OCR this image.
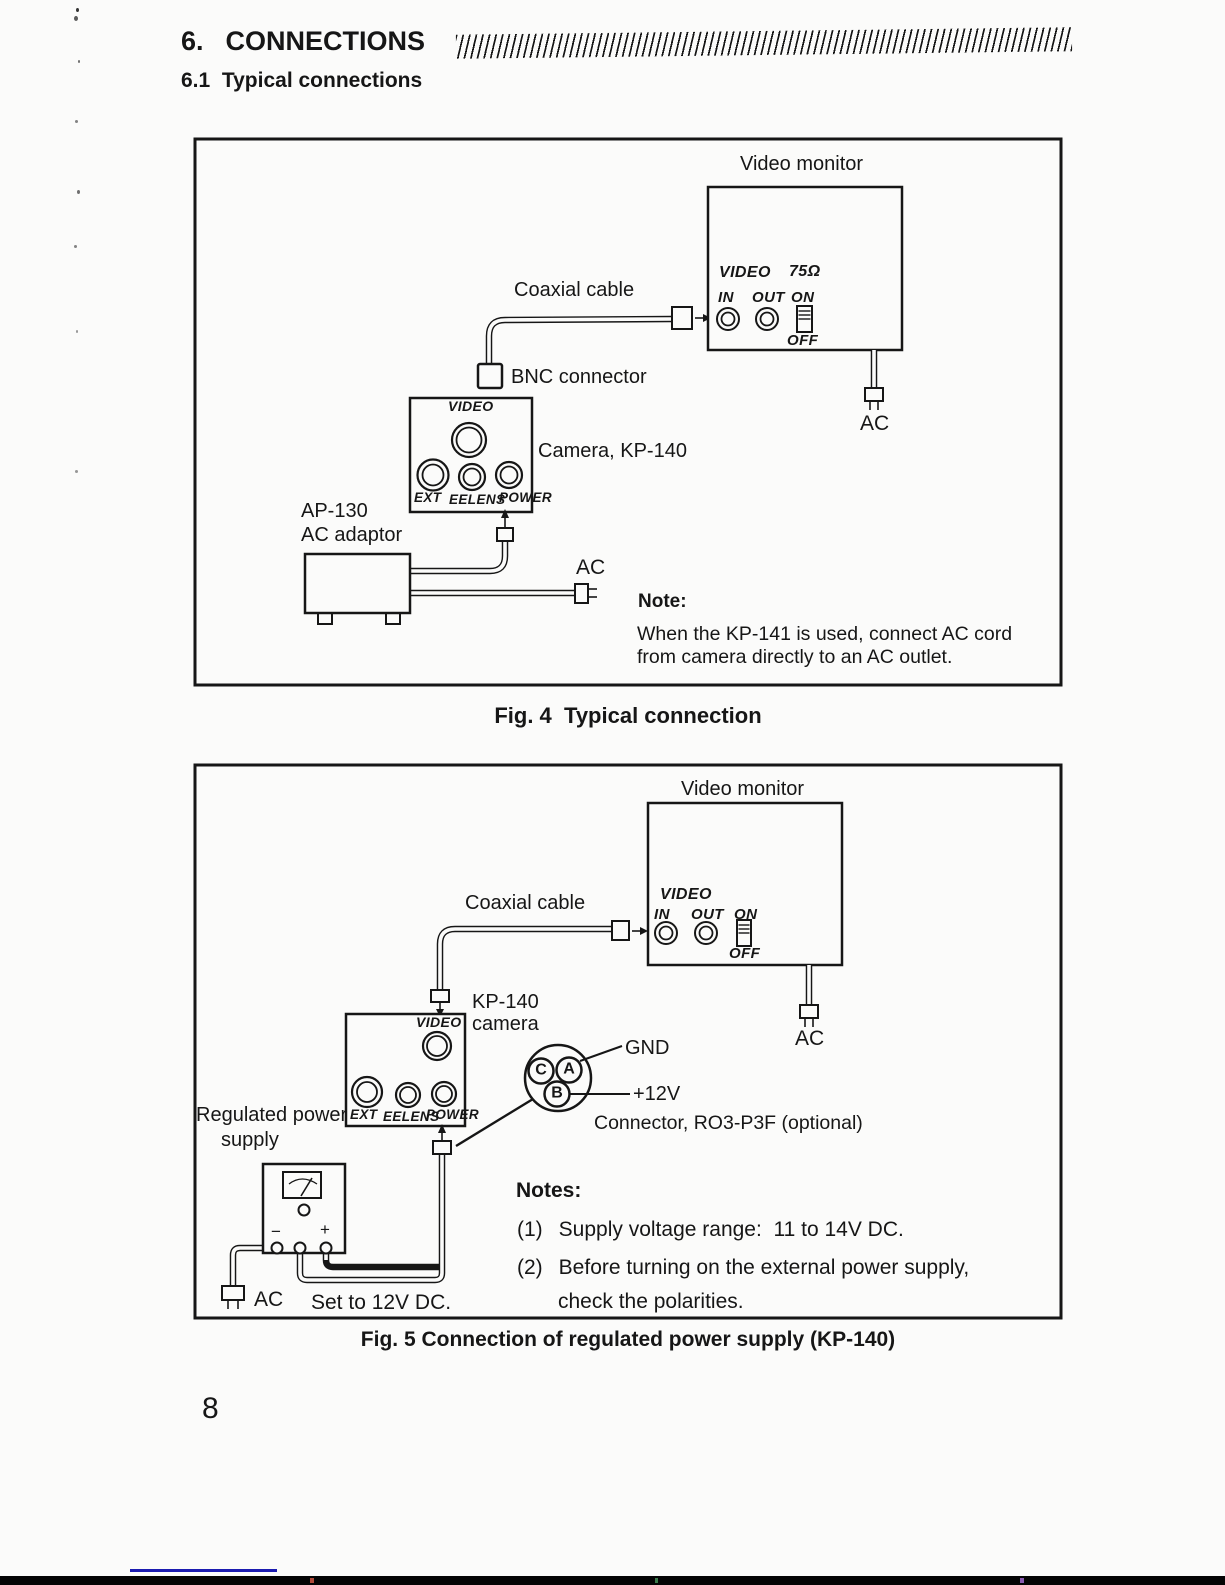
6. CONNECTIONS
6.1  Typical connections
Video monitor
Coaxial cable
BNC connector
Camera, KP-140
AP-130
AC adaptor
AC
AC
Note:
When the KP-141 is used, connect AC cord
from camera directly to an AC outlet.
VIDEO 75Ω
IN OUT ON
OFF
VIDEO
EXT EELENS
POWER
Fig. 4  Typical connection
Video monitor
Coaxial cable
KP-140
camera
Regulated power
supply
GND
+12V
Connector, RO3-P3F (optional)
AC
AC Set to 12V DC.
Notes:
(1) Supply voltage range:  11 to 14V DC.
(2) Before turning on the external power supply,
check the polarities.
VIDEO
IN OUT ON
OFF
VIDEO
EXT EELENS
POWER
C A
B
− +
Fig. 5 Connection of regulated power supply (KP-140)
8
